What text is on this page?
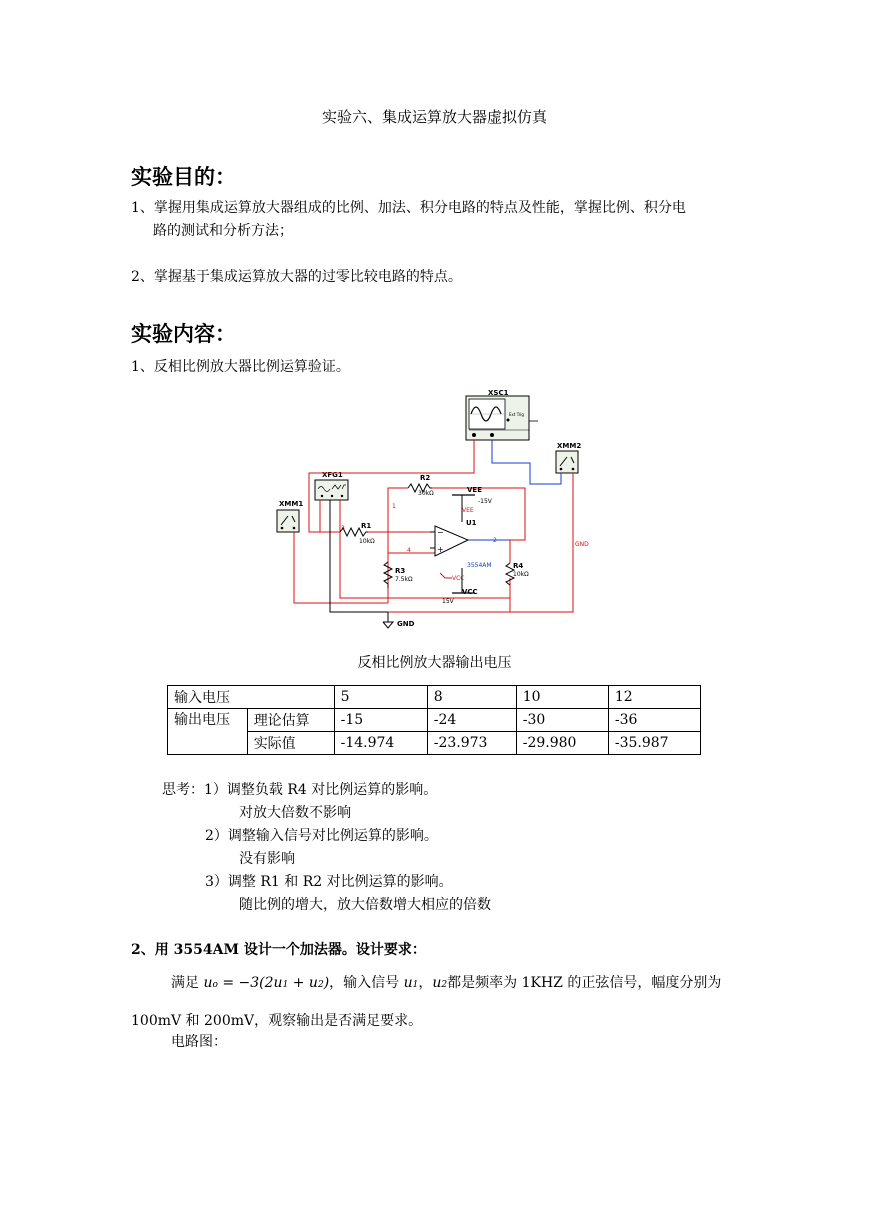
实验六、集成运算放大器虚拟仿真
实验目的：
1、掌握用集成运算放大器组成的比例、加法、积分电路的特点及性能，掌握比例、积分电
路的测试和分析方法；
2、掌握基于集成运算放大器的过零比较电路的特点。
实验内容：
1、反相比例放大器比例运算验证。
XSC1
Ext Trig
XMM2
XFG1
XMM1
−
+
R2
30kΩ
R1
10kΩ
R3
7.5kΩ
R4
10kΩ
VEE
-15V
VEE
U1
3554AM
VCC
VCC
15V
GND
GND
1
2
3
4
反相比例放大器输出电压
输入电压		5	8	10	12
输出电压	理论估算	-15	-24	-30	-36
	实际值	-14.974	-23.973	-29.980	-35.987
思考：1）调整负载 R4 对比例运算的影响。
对放大倍数不影响
2）调整输入信号对比例运算的影响。
没有影响
3）调整 R1 和 R2 对比例运算的影响。
随比例的增大，放大倍数增大相应的倍数
2、用 3554AM 设计一个加法器。设计要求：
满足 uo = −3(2u1 + u2)，输入信号 u1，u2都是频率为 1KHZ 的正弦信号，幅度分别为
100mV 和 200mV，观察输出是否满足要求。
电路图：
